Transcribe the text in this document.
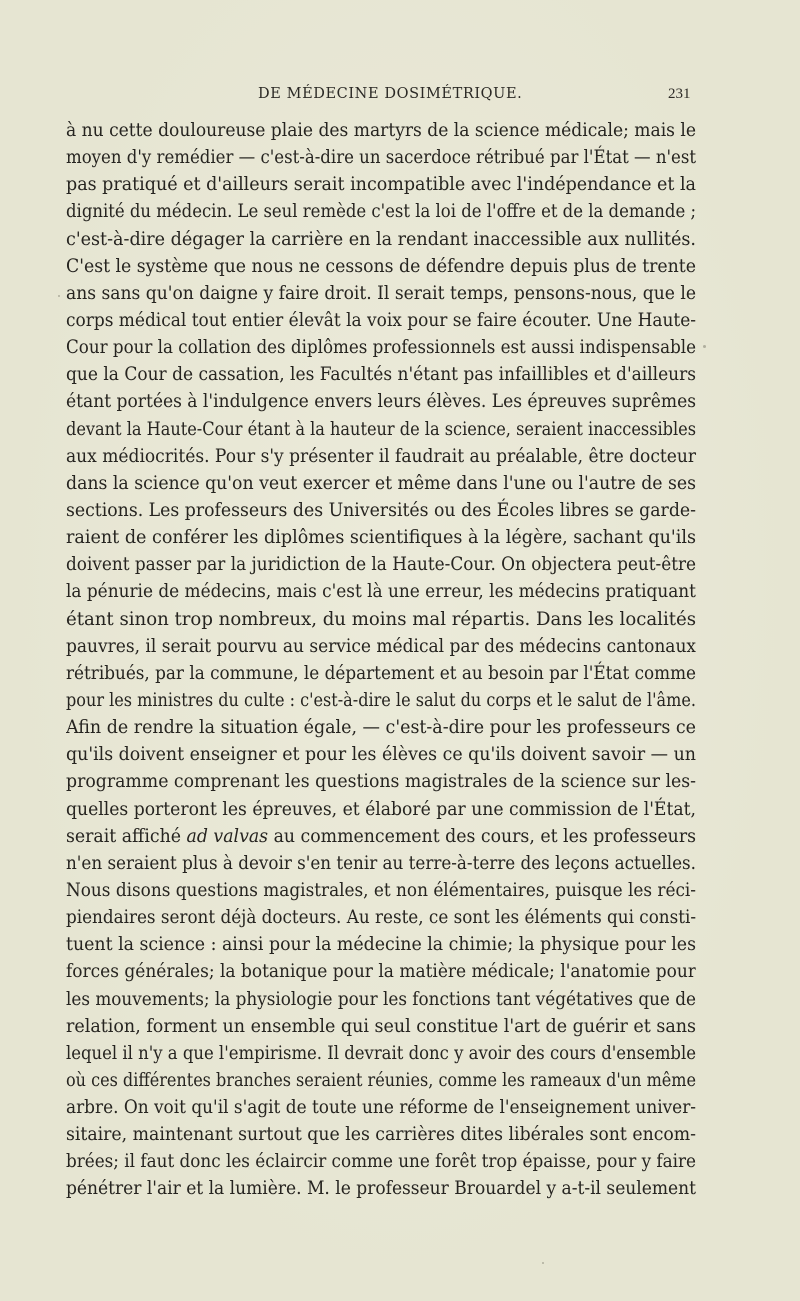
DE MÉDECINE DOSIMÉTRIQUE.	231
à nu cette douloureuse plaie des martyrs de la science médicale; mais le
moyen d'y remédier — c'est-à-dire un sacerdoce rétribué par l'État — n'est
pas pratiqué et d'ailleurs serait incompatible avec l'indépendance et la
dignité du médecin. Le seul remède c'est la loi de l'offre et de la demande ;
c'est-à-dire dégager la carrière en la rendant inaccessible aux nullités.
C'est le système que nous ne cessons de défendre depuis plus de trente
ans sans qu'on daigne y faire droit. Il serait temps, pensons-nous, que le
corps médical tout entier élevât la voix pour se faire écouter. Une Haute-
Cour pour la collation des diplômes professionnels est aussi indispensable
que la Cour de cassation, les Facultés n'étant pas infaillibles et d'ailleurs
étant portées à l'indulgence envers leurs élèves. Les épreuves suprêmes
devant la Haute-Cour étant à la hauteur de la science, seraient inaccessibles
aux médiocrités. Pour s'y présenter il faudrait au préalable, être docteur
dans la science qu'on veut exercer et même dans l'une ou l'autre de ses
sections. Les professeurs des Universités ou des Écoles libres se garde-
raient de conférer les diplômes scientifiques à la légère, sachant qu'ils
doivent passer par la juridiction de la Haute-Cour. On objectera peut-être
la pénurie de médecins, mais c'est là une erreur, les médecins pratiquant
étant sinon trop nombreux, du moins mal répartis. Dans les localités
pauvres, il serait pourvu au service médical par des médecins cantonaux
rétribués, par la commune, le département et au besoin par l'État comme
pour les ministres du culte : c'est-à-dire le salut du corps et le salut de l'âme.
Afin de rendre la situation égale, — c'est-à-dire pour les professeurs ce
qu'ils doivent enseigner et pour les élèves ce qu'ils doivent savoir — un
programme comprenant les questions magistrales de la science sur les-
quelles porteront les épreuves, et élaboré par une commission de l'État,
serait affiché ad valvas au commencement des cours, et les professeurs
n'en seraient plus à devoir s'en tenir au terre-à-terre des leçons actuelles.
Nous disons questions magistrales, et non élémentaires, puisque les réci-
piendaires seront déjà docteurs. Au reste, ce sont les éléments qui consti-
tuent la science : ainsi pour la médecine la chimie; la physique pour les
forces générales; la botanique pour la matière médicale; l'anatomie pour
les mouvements; la physiologie pour les fonctions tant végétatives que de
relation, forment un ensemble qui seul constitue l'art de guérir et sans
lequel il n'y a que l'empirisme. Il devrait donc y avoir des cours d'ensemble
où ces différentes branches seraient réunies, comme les rameaux d'un même
arbre. On voit qu'il s'agit de toute une réforme de l'enseignement univer-
sitaire, maintenant surtout que les carrières dites libérales sont encom-
brées; il faut donc les éclaircir comme une forêt trop épaisse, pour y faire
pénétrer l'air et la lumière. M. le professeur Brouardel y a-t-il seulement
